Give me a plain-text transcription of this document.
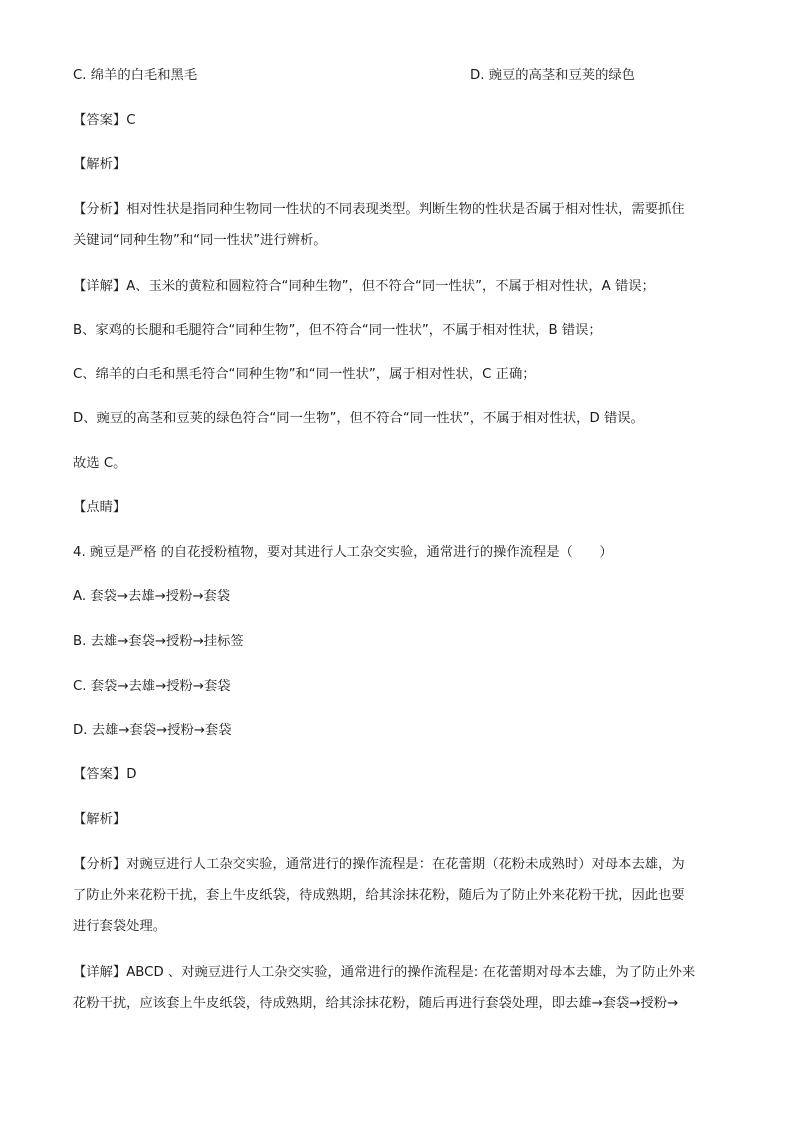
C. 绵羊的白毛和黑毛	D. 豌豆的高茎和豆荚的绿色
【答案】C
【解析】
【分析】相对性状是指同种生物同一性状的不同表现类型。判断生物的性状是否属于相对性状，需要抓住
关键词“同种生物”和“同一性状”进行辨析。
【详解】A、玉米的黄粒和圆粒符合“同种生物”，但不符合“同一性状”，不属于相对性状，A 错误；
B、家鸡的长腿和毛腿符合“同种生物”，但不符合“同一性状”，不属于相对性状，B 错误；
C、绵羊的白毛和黑毛符合“同种生物”和“同一性状”，属于相对性状，C 正确；
D、豌豆的高茎和豆荚的绿色符合“同一生物”，但不符合“同一性状”，不属于相对性状，D 错误。
故选 C。
【点睛】
4. 豌豆是严格 的自花授粉植物，要对其进行人工杂交实验，通常进行的操作流程是（　　）
A. 套袋→去雄→授粉→套袋
B. 去雄→套袋→授粉→挂标签
C. 套袋→去雄→授粉→套袋
D. 去雄→套袋→授粉→套袋
【答案】D
【解析】
【分析】对豌豆进行人工杂交实验，通常进行的操作流程是：在花蕾期（花粉未成熟时）对母本去雄，为
了防止外来花粉干扰，套上牛皮纸袋，待成熟期，给其涂抹花粉，随后为了防止外来花粉干扰，因此也要
进行套袋处理。
【详解】ABCD 、对豌豆进行人工杂交实验，通常进行的操作流程是: 在花蕾期对母本去雄，为了防止外来
花粉干扰，应该套上牛皮纸袋，待成熟期，给其涂抹花粉，随后再进行套袋处理，即去雄→套袋→授粉→
